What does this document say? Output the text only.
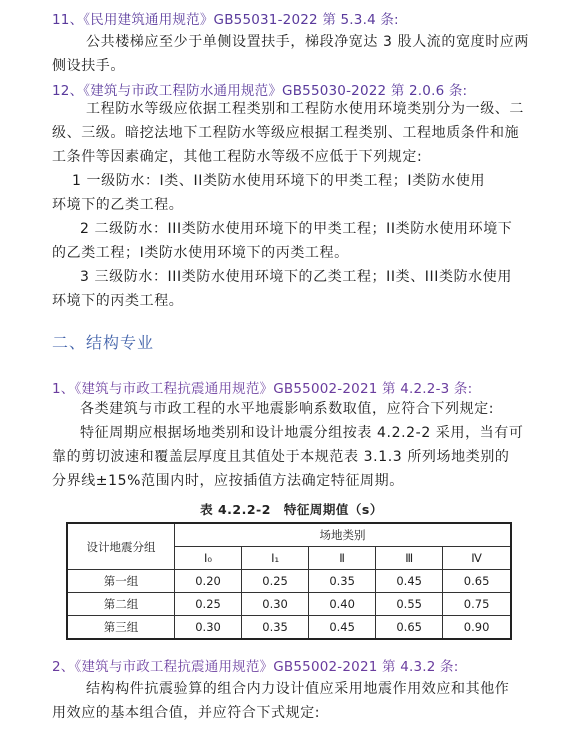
11、《民用建筑通用规范》GB55031-2022 第 5.3.4 条:
公共楼梯应至少于单侧设置扶手，梯段净宽达 3 股人流的宽度时应两
侧设扶手。
12、《建筑与市政工程防水通用规范》GB55030-2022 第 2.0.6 条:
工程防水等级应依据工程类别和工程防水使用环境类别分为一级、二
级、三级。暗挖法地下工程防水等级应根据工程类别、工程地质条件和施
工条件等因素确定，其他工程防水等级不应低于下列规定:
1 一级防水：I类、II类防水使用环境下的甲类工程；I类防水使用
环境下的乙类工程。
2 二级防水：III类防水使用环境下的甲类工程；II类防水使用环境下
的乙类工程；I类防水使用环境下的丙类工程。
3 三级防水：III类防水使用环境下的乙类工程；II类、III类防水使用
环境下的丙类工程。
二、结构专业
1、《建筑与市政工程抗震通用规范》GB55002-2021 第 4.2.2-3 条:
各类建筑与市政工程的水平地震影响系数取值，应符合下列规定:
特征周期应根据场地类别和设计地震分组按表 4.2.2-2 采用，当有可
靠的剪切波速和覆盖层厚度且其值处于本规范表 3.1.3 所列场地类别的
分界线±15%范围内时，应按插值方法确定特征周期。
表 4.2.2-2　特征周期值（s）
设计地震分组	场地类别				
	I₀	I₁	Ⅱ	Ⅲ	Ⅳ
第一组	0.20	0.25	0.35	0.45	0.65
第二组	0.25	0.30	0.40	0.55	0.75
第三组	0.30	0.35	0.45	0.65	0.90
2、《建筑与市政工程抗震通用规范》GB55002-2021 第 4.3.2 条:
结构构件抗震验算的组合内力设计值应采用地震作用效应和其他作
用效应的基本组合值，并应符合下式规定:
